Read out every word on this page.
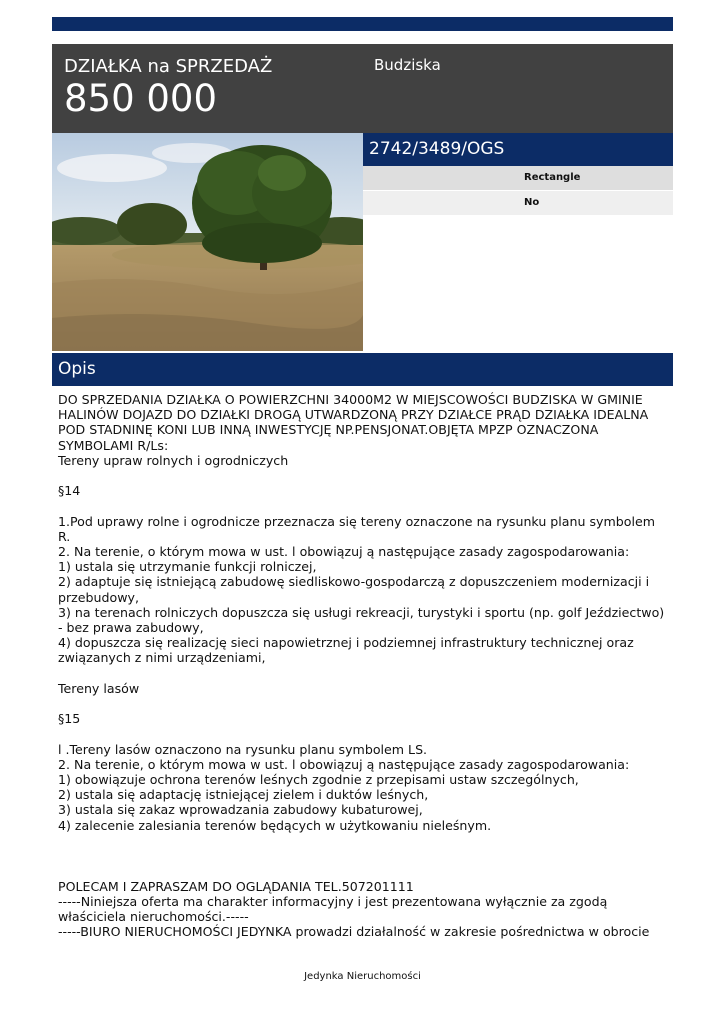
DZIAŁKA na SPRZEDAŻ
850 000
Budziska
2742/3489/OGS
Rectangle
No
Opis

DO SPRZEDANIA DZIAŁKA O POWIERZCHNI 34000M2 W MIEJSCOWOŚCI BUDZISKA W GMINIE HALINÓW DOJAZD DO DZIAŁKI DROGĄ UTWARDZONĄ PRZY DZIAŁCE PRĄD DZIAŁKA IDEALNA POD STADNINĘ KONI LUB INNĄ INWESTYCJĘ NP.PENSJONAT.OBJĘTA MPZP OZNACZONA SYMBOLAMI R/Ls:
Tereny upraw rolnych i ogrodniczych

§14

1.Pod uprawy rolne i ogrodnicze przeznacza się tereny oznaczone na rysunku planu symbolem R.
2. Na terenie, o którym mowa w ust. l obowiązuj ą następujące zasady zagospodarowania:
1) ustala się utrzymanie funkcji rolniczej,
2) adaptuje się istniejącą zabudowę siedliskowo-gospodarczą z dopuszczeniem modernizacji i przebudowy,
3) na terenach rolniczych dopuszcza się usługi rekreacji, turystyki i sportu (np. golf Jeździectwo) - bez prawa zabudowy,
4) dopuszcza się realizację sieci napowietrznej i podziemnej infrastruktury technicznej oraz związanych z nimi urządzeniami,

Tereny lasów

§15

l .Tereny lasów oznaczono na rysunku planu symbolem LS.
2. Na terenie, o którym mowa w ust. l obowiązuj ą następujące zasady zagospodarowania:
1) obowiązuje ochrona terenów leśnych zgodnie z przepisami ustaw szczególnych,
2) ustala się adaptację istniejącej zielem i duktów leśnych,
3) ustala się zakaz wprowadzania zabudowy kubaturowej,
4) zalecenie zalesiania terenów będących w użytkowaniu nieleśnym.

POLECAM I ZAPRASZAM DO OGLĄDANIA TEL.507201111
-----Niniejsza oferta ma charakter informacyjny i jest prezentowana wyłącznie za zgodą właściciela nieruchomości.-----
-----BIURO NIERUCHOMOŚCI JEDYNKA prowadzi działalność w zakresie pośrednictwa w obrocie

Jedynka Nieruchomości
